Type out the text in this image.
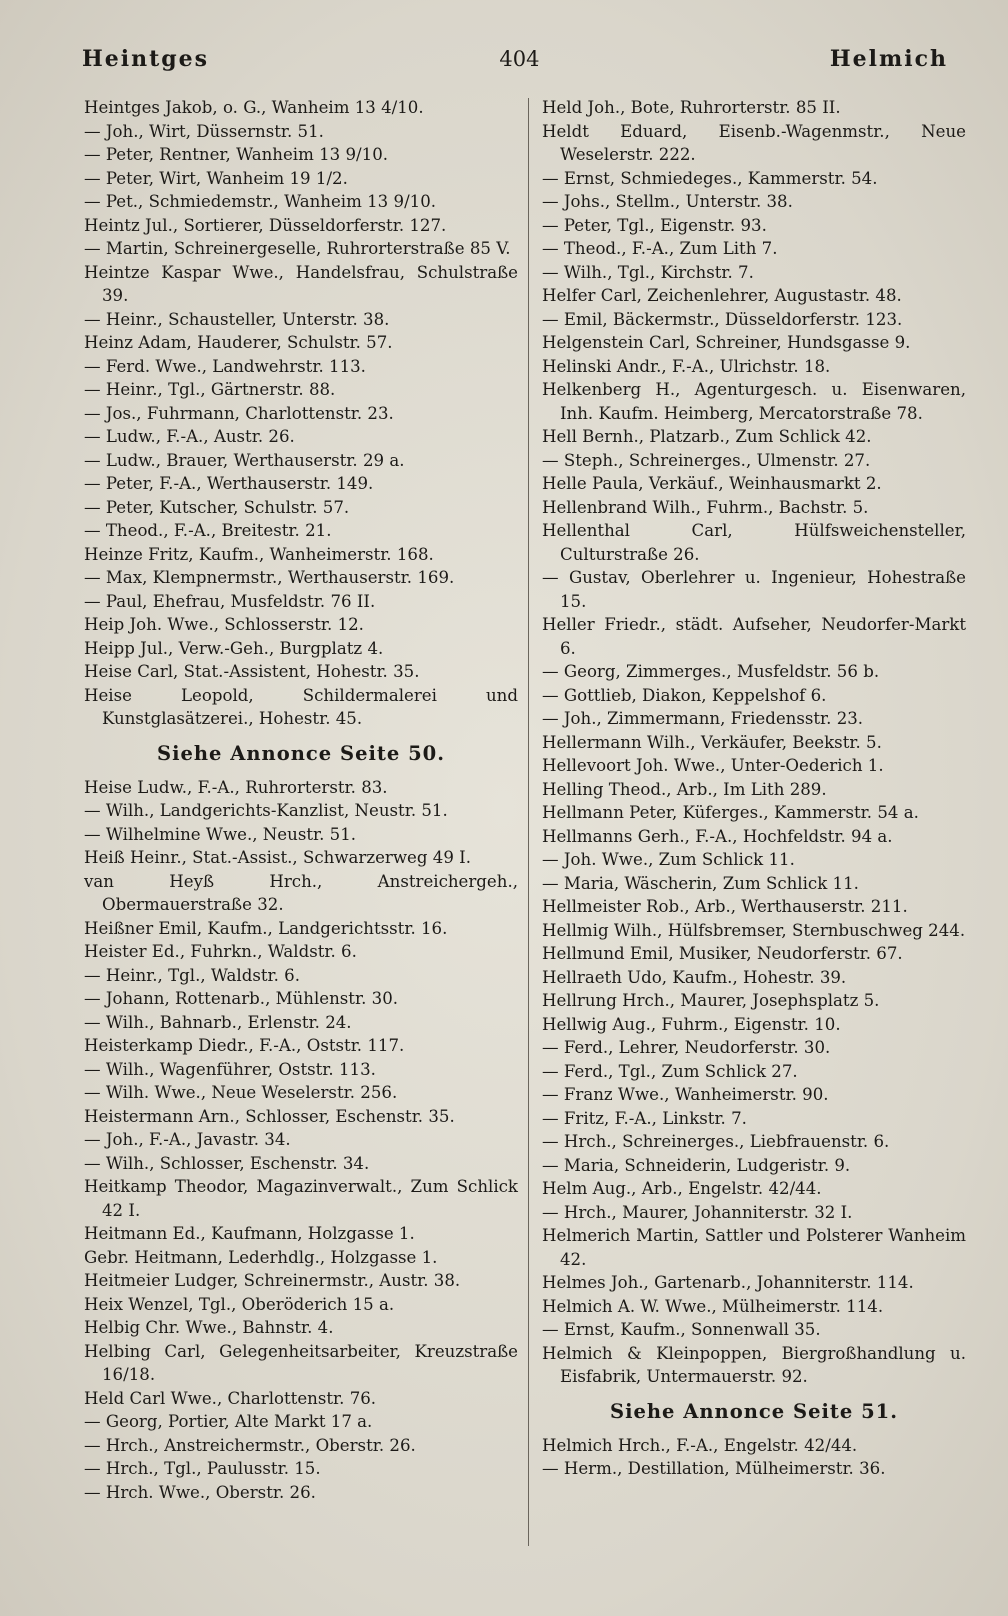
Heintges	404	Helmich
Heintges Jakob, o. G., Wanheim 13 4/10.
— Joh., Wirt, Düssernstr. 51.
— Peter, Rentner, Wanheim 13 9/10.
— Peter, Wirt, Wanheim 19 1/2.
— Pet., Schmiedemstr., Wanheim 13 9/10.
Heintz Jul., Sortierer, Düsseldorferstr. 127.
— Martin, Schreinergeselle, Ruhrorterstraße 85 V.
Heintze Kaspar Wwe., Handelsfrau, Schulstraße 39.
— Heinr., Schausteller, Unterstr. 38.
Heinz Adam, Hauderer, Schulstr. 57.
— Ferd. Wwe., Landwehrstr. 113.
— Heinr., Tgl., Gärtnerstr. 88.
— Jos., Fuhrmann, Charlottenstr. 23.
— Ludw., F.-A., Austr. 26.
— Ludw., Brauer, Werthauserstr. 29 a.
— Peter, F.-A., Werthauserstr. 149.
— Peter, Kutscher, Schulstr. 57.
— Theod., F.-A., Breitestr. 21.
Heinze Fritz, Kaufm., Wanheimerstr. 168.
— Max, Klempnermstr., Werthauserstr. 169.
— Paul, Ehefrau, Musfeldstr. 76 II.
Heip Joh. Wwe., Schlosserstr. 12.
Heipp Jul., Verw.-Geh., Burgplatz 4.
Heise Carl, Stat.-Assistent, Hohestr. 35.
Heise Leopold, Schildermalerei und Kunstglasätzerei., Hohestr. 45.
Siehe Annonce Seite 50.
Heise Ludw., F.-A., Ruhrorterstr. 83.
— Wilh., Landgerichts-Kanzlist, Neustr. 51.
— Wilhelmine Wwe., Neustr. 51.
Heiß Heinr., Stat.-Assist., Schwarzerweg 49 I.
van Heyß Hrch., Anstreichergeh., Obermauerstraße 32.
Heißner Emil, Kaufm., Landgerichtsstr. 16.
Heister Ed., Fuhrkn., Waldstr. 6.
— Heinr., Tgl., Waldstr. 6.
— Johann, Rottenarb., Mühlenstr. 30.
— Wilh., Bahnarb., Erlenstr. 24.
Heisterkamp Diedr., F.-A., Oststr. 117.
— Wilh., Wagenführer, Oststr. 113.
— Wilh. Wwe., Neue Weselerstr. 256.
Heistermann Arn., Schlosser, Eschenstr. 35.
— Joh., F.-A., Javastr. 34.
— Wilh., Schlosser, Eschenstr. 34.
Heitkamp Theodor, Magazinverwalt., Zum Schlick 42 I.
Heitmann Ed., Kaufmann, Holzgasse 1.
Gebr. Heitmann, Lederhdlg., Holzgasse 1.
Heitmeier Ludger, Schreinermstr., Austr. 38.
Heix Wenzel, Tgl., Oberöderich 15 a.
Helbig Chr. Wwe., Bahnstr. 4.
Helbing Carl, Gelegenheitsarbeiter, Kreuzstraße 16/18.
Held Carl Wwe., Charlottenstr. 76.
— Georg, Portier, Alte Markt 17 a.
— Hrch., Anstreichermstr., Oberstr. 26.
— Hrch., Tgl., Paulusstr. 15.
— Hrch. Wwe., Oberstr. 26.
Held Joh., Bote, Ruhrorterstr. 85 II.
Heldt Eduard, Eisenb.-Wagenmstr., Neue Weselerstr. 222.
— Ernst, Schmiedeges., Kammerstr. 54.
— Johs., Stellm., Unterstr. 38.
— Peter, Tgl., Eigenstr. 93.
— Theod., F.-A., Zum Lith 7.
— Wilh., Tgl., Kirchstr. 7.
Helfer Carl, Zeichenlehrer, Augustastr. 48.
— Emil, Bäckermstr., Düsseldorferstr. 123.
Helgenstein Carl, Schreiner, Hundsgasse 9.
Helinski Andr., F.-A., Ulrichstr. 18.
Helkenberg H., Agenturgesch. u. Eisenwaren, Inh. Kaufm. Heimberg, Mercatorstraße 78.
Hell Bernh., Platzarb., Zum Schlick 42.
— Steph., Schreinerges., Ulmenstr. 27.
Helle Paula, Verkäuf., Weinhausmarkt 2.
Hellenbrand Wilh., Fuhrm., Bachstr. 5.
Hellenthal Carl, Hülfsweichensteller, Culturstraße 26.
— Gustav, Oberlehrer u. Ingenieur, Hohestraße 15.
Heller Friedr., städt. Aufseher, Neudorfer-Markt 6.
— Georg, Zimmerges., Musfeldstr. 56 b.
— Gottlieb, Diakon, Keppelshof 6.
— Joh., Zimmermann, Friedensstr. 23.
Hellermann Wilh., Verkäufer, Beekstr. 5.
Hellevoort Joh. Wwe., Unter-Oederich 1.
Helling Theod., Arb., Im Lith 289.
Hellmann Peter, Küferges., Kammerstr. 54 a.
Hellmanns Gerh., F.-A., Hochfeldstr. 94 a.
— Joh. Wwe., Zum Schlick 11.
— Maria, Wäscherin, Zum Schlick 11.
Hellmeister Rob., Arb., Werthauserstr. 211.
Hellmig Wilh., Hülfsbremser, Sternbuschweg 244.
Hellmund Emil, Musiker, Neudorferstr. 67.
Hellraeth Udo, Kaufm., Hohestr. 39.
Hellrung Hrch., Maurer, Josephsplatz 5.
Hellwig Aug., Fuhrm., Eigenstr. 10.
— Ferd., Lehrer, Neudorferstr. 30.
— Ferd., Tgl., Zum Schlick 27.
— Franz Wwe., Wanheimerstr. 90.
— Fritz, F.-A., Linkstr. 7.
— Hrch., Schreinerges., Liebfrauenstr. 6.
— Maria, Schneiderin, Ludgeristr. 9.
Helm Aug., Arb., Engelstr. 42/44.
— Hrch., Maurer, Johanniterstr. 32 I.
Helmerich Martin, Sattler und Polsterer Wanheim 42.
Helmes Joh., Gartenarb., Johanniterstr. 114.
Helmich A. W. Wwe., Mülheimerstr. 114.
— Ernst, Kaufm., Sonnenwall 35.
Helmich & Kleinpoppen, Biergroßhandlung u. Eisfabrik, Untermauerstr. 92.
Siehe Annonce Seite 51.
Helmich Hrch., F.-A., Engelstr. 42/44.
— Herm., Destillation, Mülheimerstr. 36.
